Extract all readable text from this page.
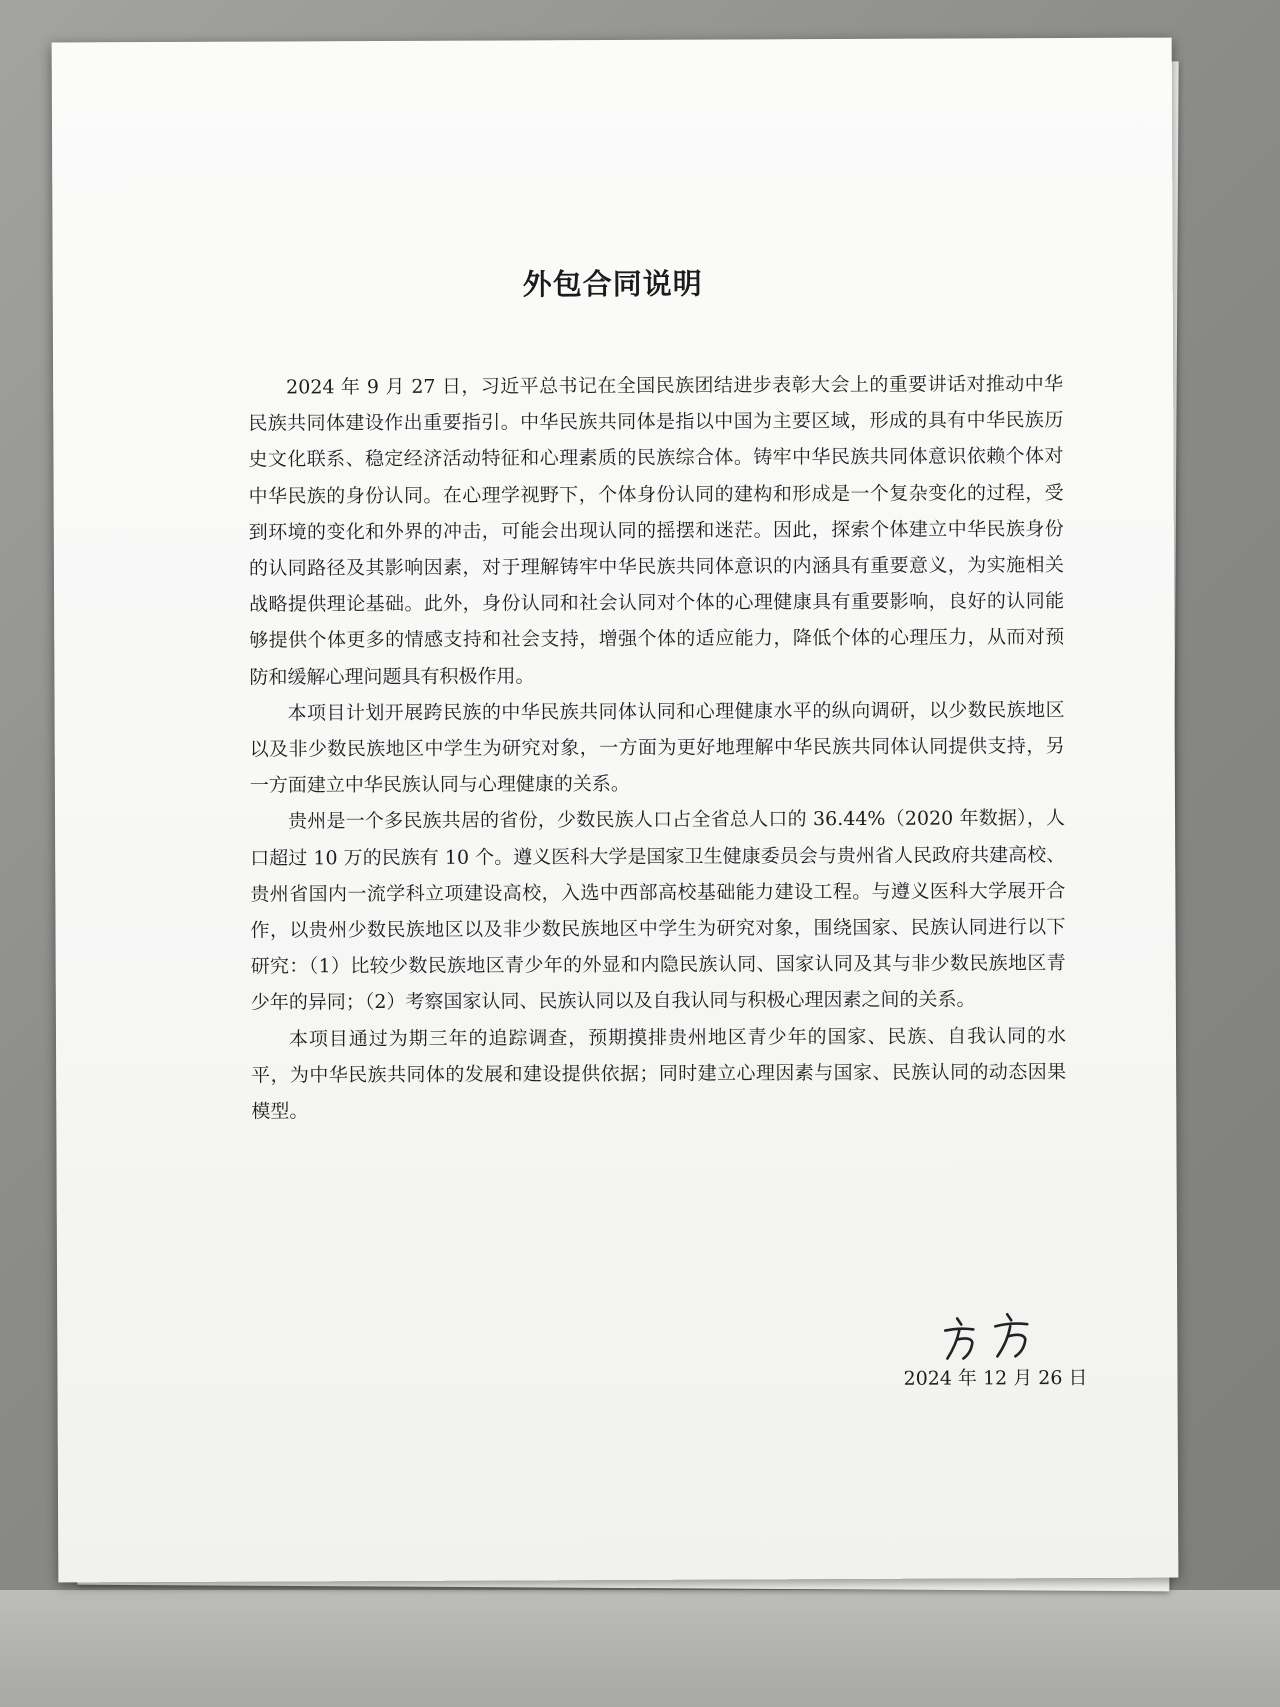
外包合同说明

2024 年 9 月 27 日，习近平总书记在全国民族团结进步表彰大会上的重要讲话对推动中华民族共同体建设作出重要指引。中华民族共同体是指以中国为主要区域，形成的具有中华民族历史文化联系、稳定经济活动特征和心理素质的民族综合体。铸牢中华民族共同体意识依赖个体对中华民族的身份认同。在心理学视野下，个体身份认同的建构和形成是一个复杂变化的过程，受到环境的变化和外界的冲击，可能会出现认同的摇摆和迷茫。因此，探索个体建立中华民族身份的认同路径及其影响因素，对于理解铸牢中华民族共同体意识的内涵具有重要意义，为实施相关战略提供理论基础。此外，身份认同和社会认同对个体的心理健康具有重要影响，良好的认同能够提供个体更多的情感支持和社会支持，增强个体的适应能力，降低个体的心理压力，从而对预防和缓解心理问题具有积极作用。

本项目计划开展跨民族的中华民族共同体认同和心理健康水平的纵向调研，以少数民族地区以及非少数民族地区中学生为研究对象，一方面为更好地理解中华民族共同体认同提供支持，另一方面建立中华民族认同与心理健康的关系。

贵州是一个多民族共居的省份，少数民族人口占全省总人口的 36.44%（2020 年数据），人口超过 10 万的民族有 10 个。遵义医科大学是国家卫生健康委员会与贵州省人民政府共建高校、贵州省国内一流学科立项建设高校，入选中西部高校基础能力建设工程。与遵义医科大学展开合作，以贵州少数民族地区以及非少数民族地区中学生为研究对象，围绕国家、民族认同进行以下研究：（1）比较少数民族地区青少年的外显和内隐民族认同、国家认同及其与非少数民族地区青少年的异同；（2）考察国家认同、民族认同以及自我认同与积极心理因素之间的关系。

本项目通过为期三年的追踪调查，预期摸排贵州地区青少年的国家、民族、自我认同的水平，为中华民族共同体的发展和建设提供依据；同时建立心理因素与国家、民族认同的动态因果模型。

2024 年 12 月 26 日
